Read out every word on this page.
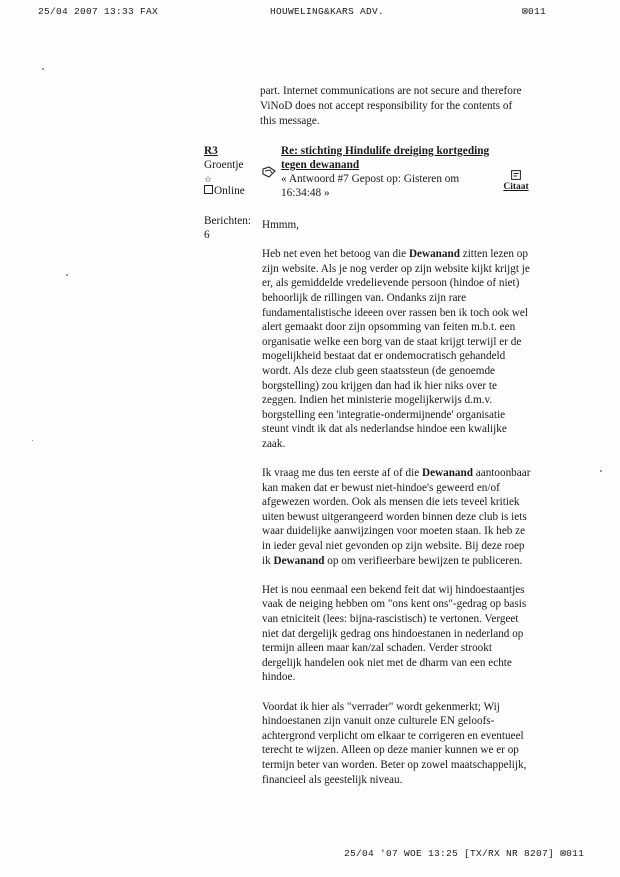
25/04 2007 13:33 FAX	HOUWELING&KARS ADV.	⊠011
part. Internet communications are not secure and therefore ViNoD does not accept responsibility for the contents of this message.
R3
Groentje
☆
Online
Re: stichting Hindulife dreiging kortgeding tegen dewanand
« Antwoord #7 Gepost op: Gisteren om 16:34:48 »	Citaat
Berichten:
6
Hmmm,

Heb net even het betoog van die Dewanand zitten lezen op zijn website. Als je nog verder op zijn website kijkt krijgt je er, als gemiddelde vredelievende persoon (hindoe of niet) behoorlijk de rillingen van. Ondanks zijn rare fundamentalistische ideeen over rassen ben ik toch ook wel alert gemaakt door zijn opsomming van feiten m.b.t. een organisatie welke een borg van de staat krijgt terwijl er de mogelijkheid bestaat dat er ondemocratisch gehandeld wordt. Als deze club geen staatssteun (de genoemde borgstelling) zou krijgen dan had ik hier niks over te zeggen. Indien het ministerie mogelijkerwijs d.m.v. borgstelling een 'integratie-ondermijnende' organisatie steunt vindt ik dat als nederlandse hindoe een kwalijke zaak.

Ik vraag me dus ten eerste af of die Dewanand aantoonbaar kan maken dat er bewust niet-hindoe's geweerd en/of afgewezen worden. Ook als mensen die iets teveel kritiek uiten bewust uitgerangeerd worden binnen deze club is iets waar duidelijke aanwijzingen voor moeten staan. Ik heb ze in ieder geval niet gevonden op zijn website. Bij deze roep ik Dewanand op om verifieerbare bewijzen te publiceren.

Het is nou eenmaal een bekend feit dat wij hindoestaantjes vaak de neiging hebben om "ons kent ons"-gedrag op basis van etniciteit (lees: bijna-rascistisch) te vertonen. Vergeet niet dat dergelijk gedrag ons hindoestanen in nederland op termijn alleen maar kan/zal schaden. Verder strookt dergelijk handelen ook niet met de dharm van een echte hindoe.

Voordat ik hier als "verrader" wordt gekenmerkt; Wij hindoestanen zijn vanuit onze culturele EN geloofs-achtergrond verplicht om elkaar te corrigeren en eventueel terecht te wijzen. Alleen op deze manier kunnen we er op termijn beter van worden. Beter op zowel maatschappelijk, financieel als geestelijk niveau.

25/04 '07 WOE 13:25 [TX/RX NR 8207] ⊠011
